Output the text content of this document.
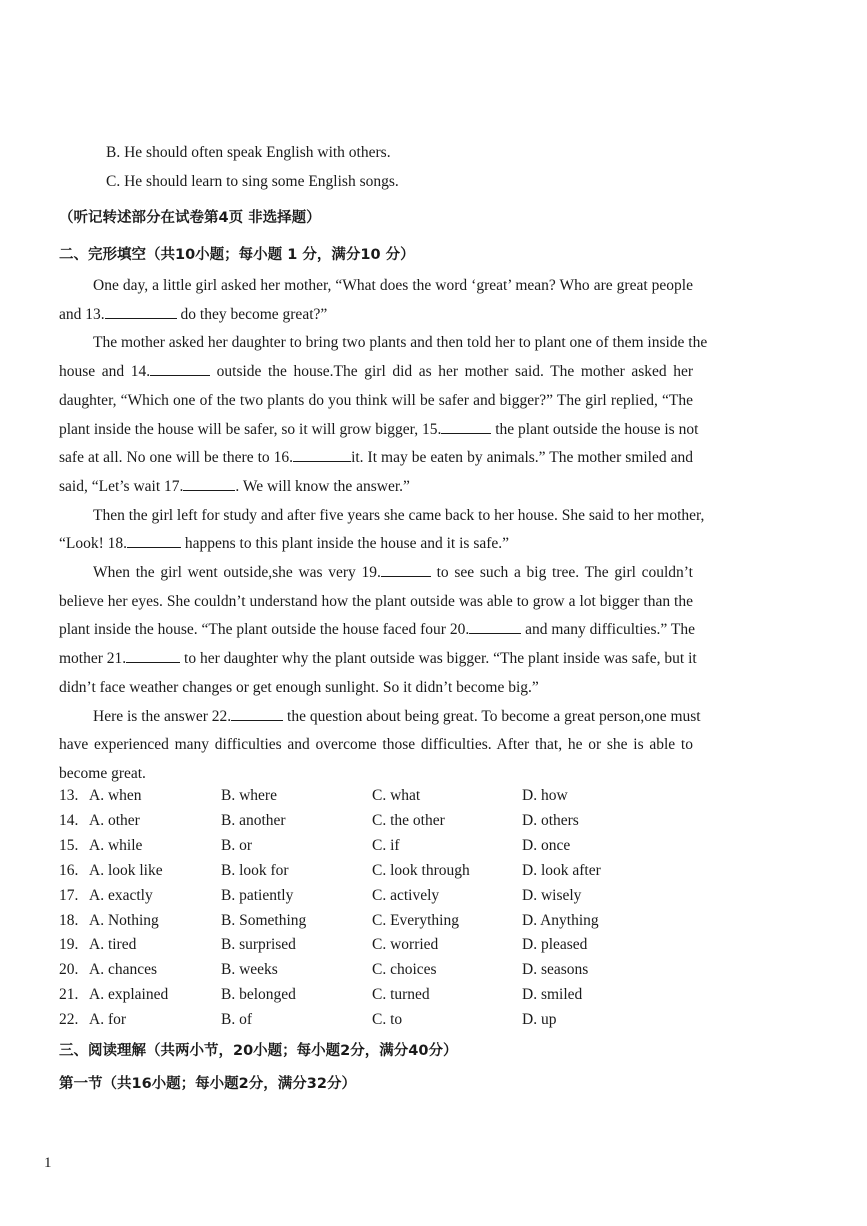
B. He should often speak English with others.
C. He should learn to sing some English songs.
（听记转述部分在试卷第4页 非选择题）
二、完形填空（共10小题；每小题 1 分，满分10 分）
One day, a little girl asked her mother, “What does the word ‘great’ mean? Who are great people
and 13.	do they become great?”
The mother asked her daughter to bring two plants and then told her to plant one of them inside the
house and 14.	outside the house.The girl did as her mother said. The mother asked her
daughter, “Which one of the two plants do you think will be safer and bigger?” The girl replied, “The
plant inside the house will be safer, so it will grow bigger, 15.	the plant outside the house is not
safe at all. No one will be there to 16.	it. It may be eaten by animals.” The mother smiled and
said, “Let’s wait 17.	. We will know the answer.”
Then the girl left for study and after five years she came back to her house. She said to her mother,
“Look! 18.	happens to this plant inside the house and it is safe.”
When the girl went outside,she was very 19.	to see such a big tree. The girl couldn’t
believe her eyes. She couldn’t understand how the plant outside was able to grow a lot bigger than the
plant inside the house. “The plant outside the house faced four 20.	and many difficulties.” The
mother 21.	to her daughter why the plant outside was bigger. “The plant inside was safe, but it
didn’t face weather changes or get enough sunlight. So it didn’t become big.”
Here is the answer 22.	the question about being great. To become a great person,one must
have experienced many difficulties and overcome those difficulties. After that, he or she is able to
become great.
13. A. when	B. where	C. what	D. how
14. A. other	B. another	C. the other	D. others
15. A. while	B. or	C. if	D. once
16. A. look like	B. look for	C. look through	D. look after
17. A. exactly	B. patiently	C. actively	D. wisely
18. A. Nothing	B. Something	C. Everything	D. Anything
19. A. tired	B. surprised	C. worried	D. pleased
20. A. chances	B. weeks	C. choices	D. seasons
21. A. explained	B. belonged	C. turned	D. smiled
22. A. for	B. of	C. to	D. up
三、阅读理解（共两小节，20小题；每小题2分，满分40分）
第一节（共16小题；每小题2分，满分32分）
1
